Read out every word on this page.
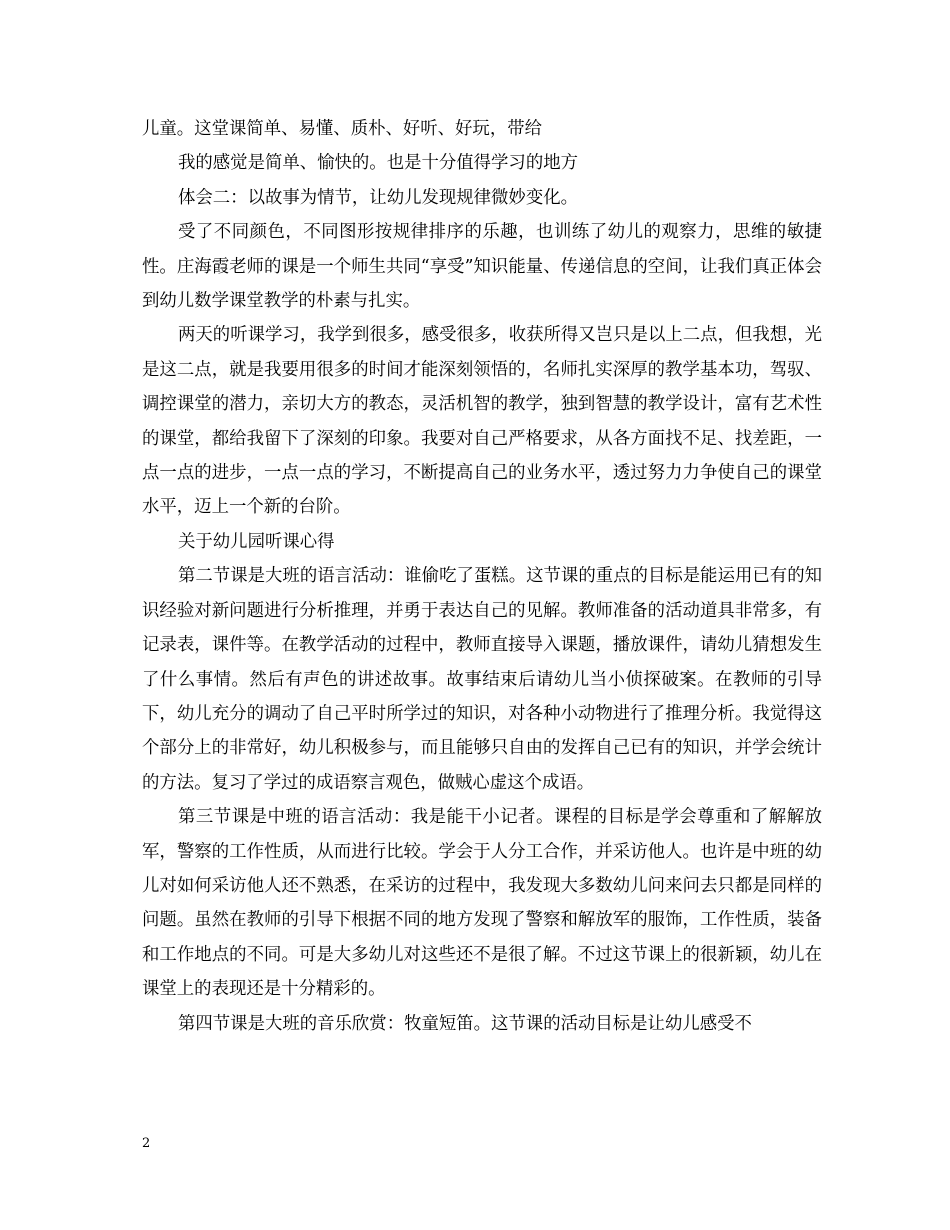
儿童。这堂课简单、易懂、质朴、好听、好玩，带给

我的感觉是简单、愉快的。也是十分值得学习的地方

体会二：以故事为情节，让幼儿发现规律微妙变化。

受了不同颜色，不同图形按规律排序的乐趣，也训练了幼儿的观察力，思维的敏捷性。庄海霞老师的课是一个师生共同“享受”知识能量、传递信息的空间，让我们真正体会到幼儿数学课堂教学的朴素与扎实。

两天的听课学习，我学到很多，感受很多，收获所得又岂只是以上二点，但我想，光是这二点，就是我要用很多的时间才能深刻领悟的，名师扎实深厚的教学基本功，驾驭、调控课堂的潜力，亲切大方的教态，灵活机智的教学，独到智慧的教学设计，富有艺术性的课堂，都给我留下了深刻的印象。我要对自己严格要求，从各方面找不足、找差距，一点一点的进步，一点一点的学习，不断提高自己的业务水平，透过努力力争使自己的课堂水平，迈上一个新的台阶。

关于幼儿园听课心得

第二节课是大班的语言活动：谁偷吃了蛋糕。这节课的重点的目标是能运用已有的知识经验对新问题进行分析推理，并勇于表达自己的见解。教师准备的活动道具非常多，有记录表，课件等。在教学活动的过程中，教师直接导入课题，播放课件，请幼儿猜想发生了什么事情。然后有声色的讲述故事。故事结束后请幼儿当小侦探破案。在教师的引导下，幼儿充分的调动了自己平时所学过的知识，对各种小动物进行了推理分析。我觉得这个部分上的非常好，幼儿积极参与，而且能够只自由的发挥自己已有的知识，并学会统计的方法。复习了学过的成语察言观色，做贼心虚这个成语。

第三节课是中班的语言活动：我是能干小记者。课程的目标是学会尊重和了解解放军，警察的工作性质，从而进行比较。学会于人分工合作，并采访他人。也许是中班的幼儿对如何采访他人还不熟悉，在采访的过程中，我发现大多数幼儿问来问去只都是同样的问题。虽然在教师的引导下根据不同的地方发现了警察和解放军的服饰，工作性质，装备和工作地点的不同。可是大多幼儿对这些还不是很了解。不过这节课上的很新颖，幼儿在课堂上的表现还是十分精彩的。

第四节课是大班的音乐欣赏：牧童短笛。这节课的活动目标是让幼儿感受不

2
